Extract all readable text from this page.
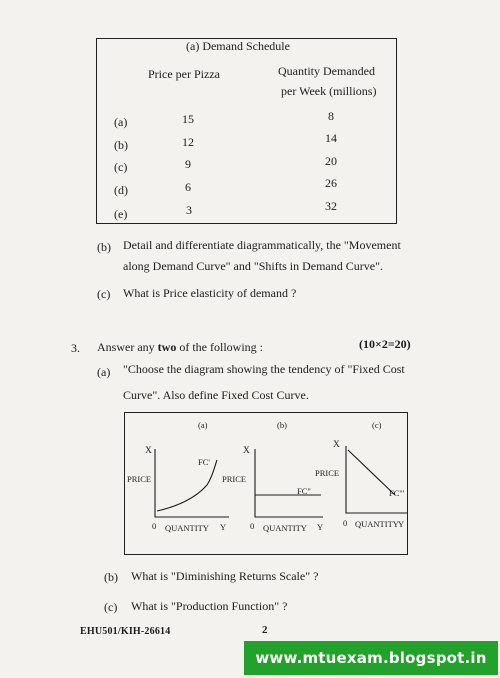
(a) Demand Schedule
Price per Pizza	Quantity Demanded
per Week (millions)
(a)	15	8
(b)	12	14
(c)	9	20
(d)	6	26
(e)	3	32
(b) Detail and differentiate diagrammatically, the "Movement
along Demand Curve" and "Shifts in Demand Curve".
(c) What is Price elasticity of demand ?
3. Answer any two of the following :	(10×2=20)
(a) "Choose the diagram showing the tendency of "Fixed Cost
Curve". Also define Fixed Cost Curve.
(a)
X
PRICE
FC'
0 QUANTITY Y
(b)
X
PRICE
FC"
0 QUANTITY Y
(c)
X
PRICE
FC'"
0 QUANTITY Y
(b) What is "Diminishing Returns Scale" ?
(c) What is "Production Function" ?
EHU501/KIH-26614	2
www.mtuexam.blogspot.in
